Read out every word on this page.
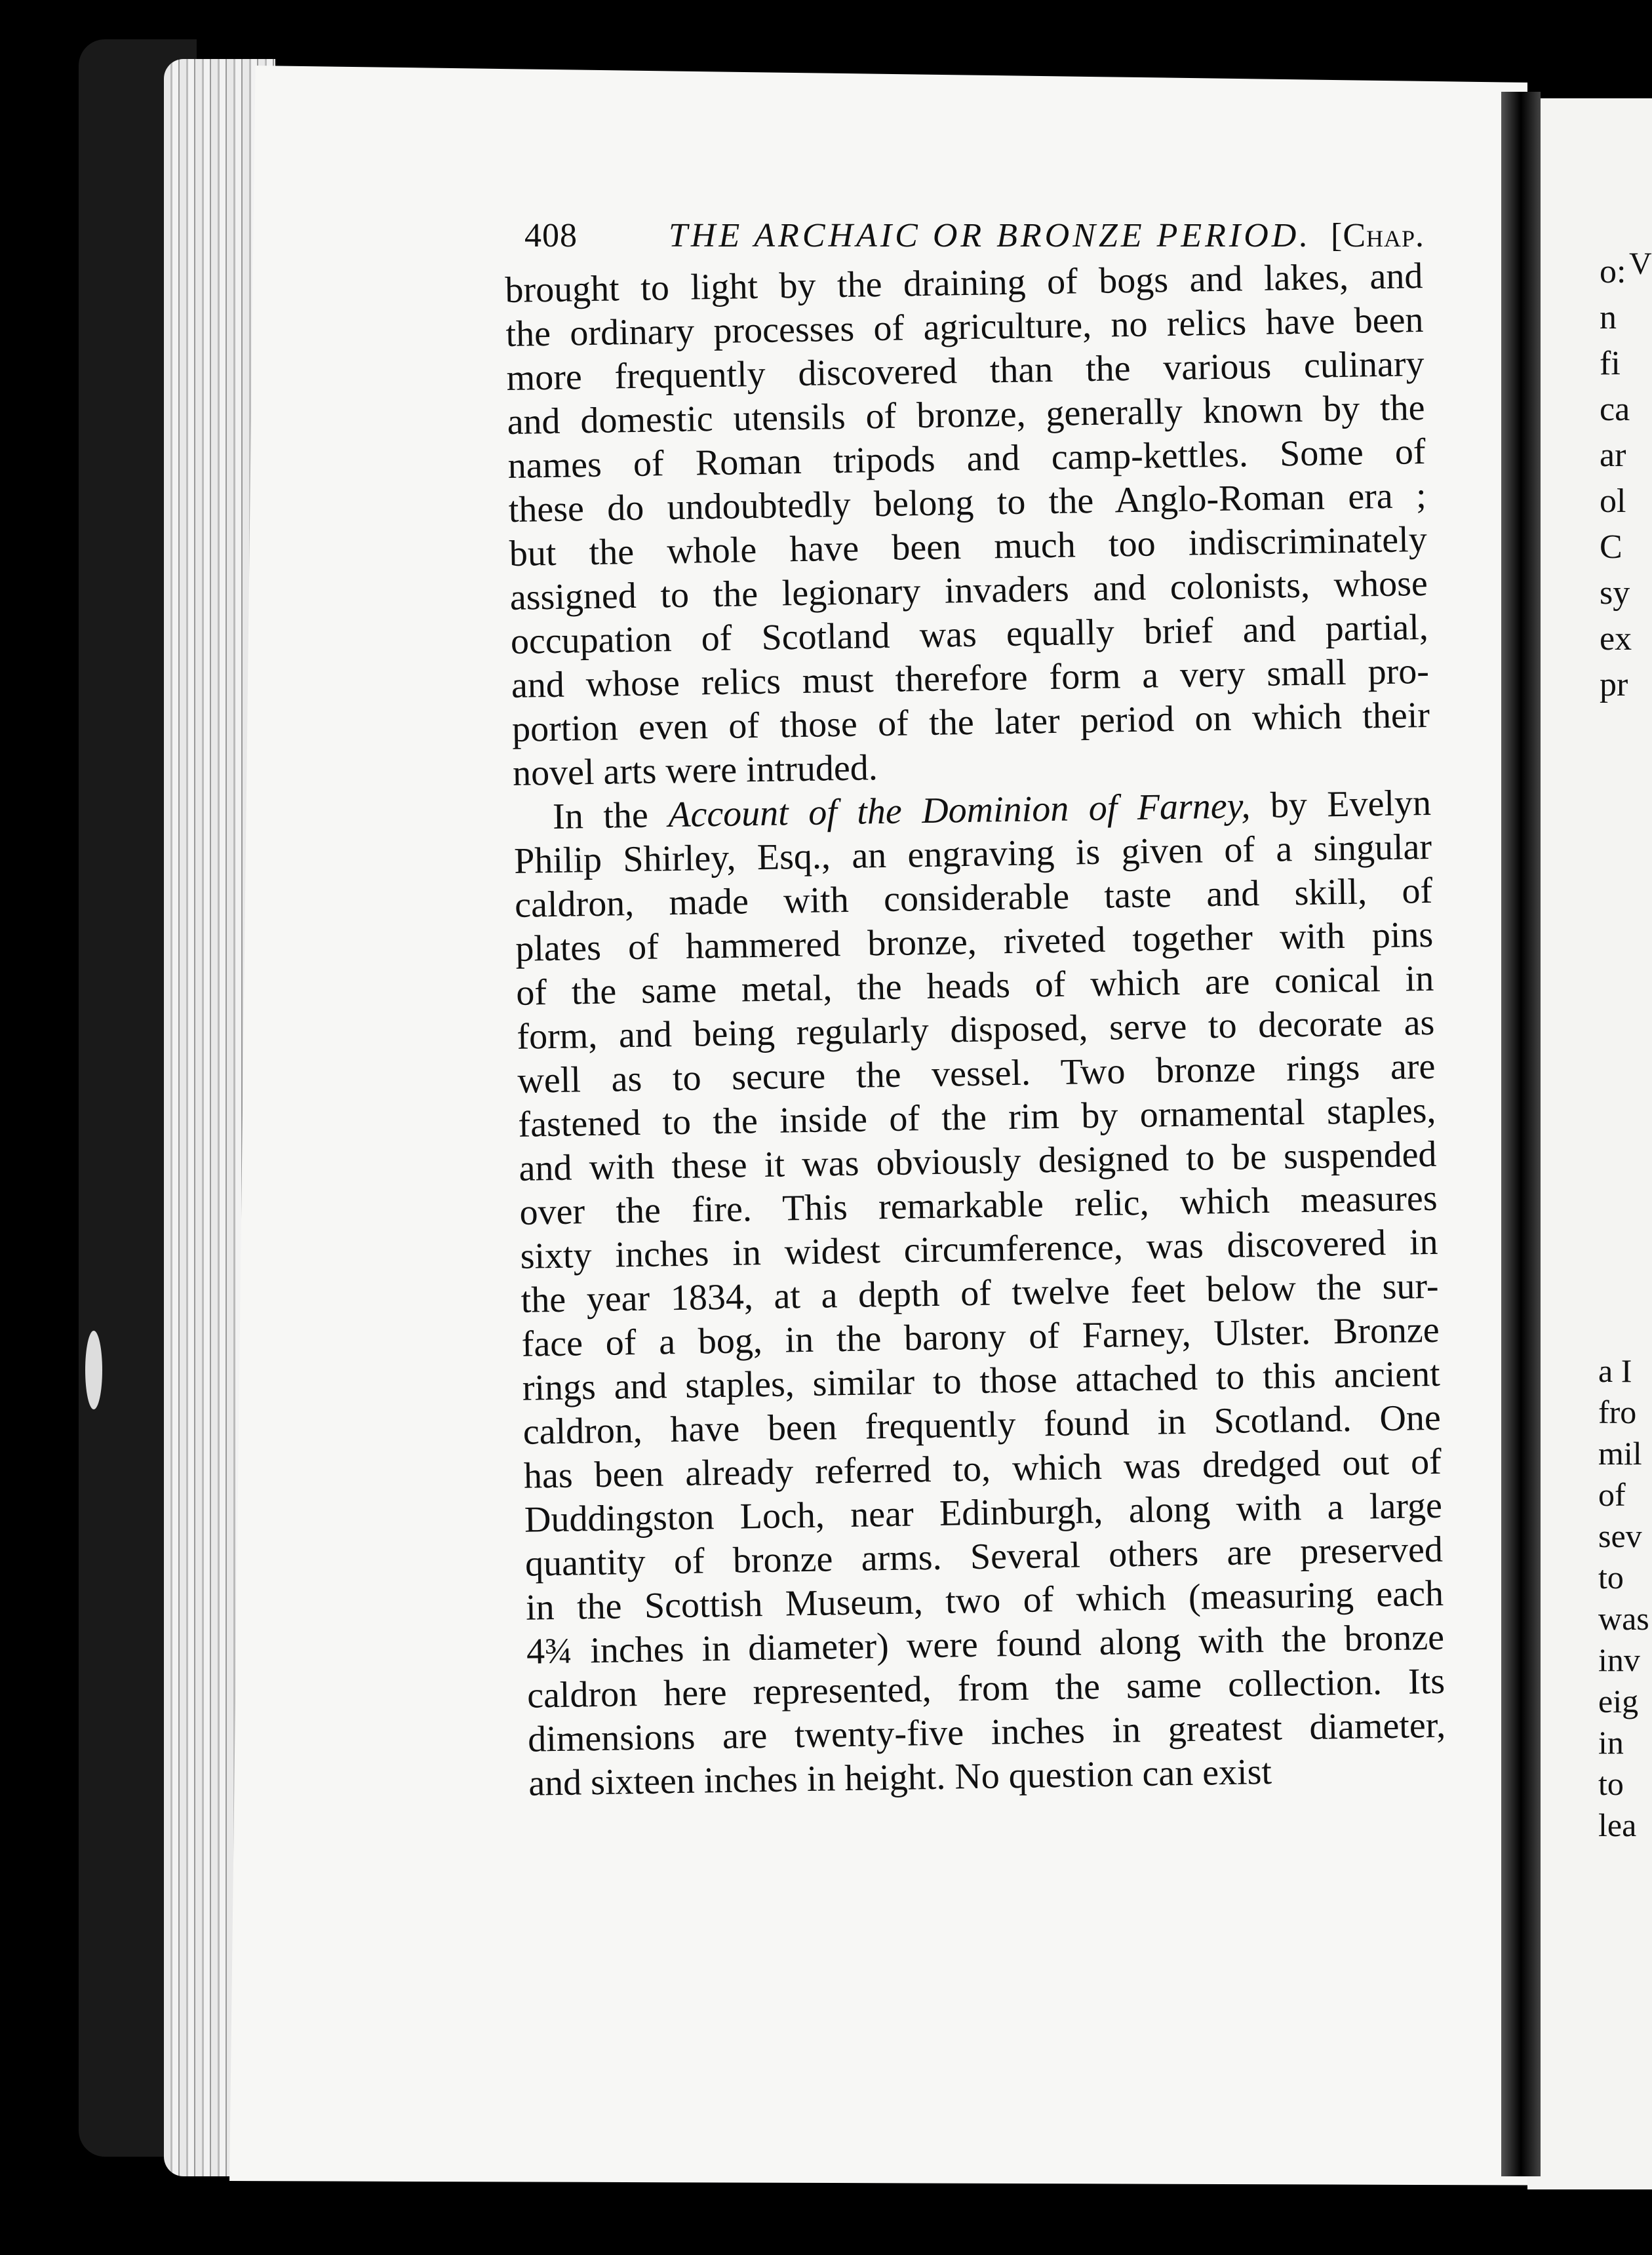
408	THE ARCHAIC OR BRONZE PERIOD. [Chap.
brought to light by the draining of bogs and lakes, and
the ordinary processes of agriculture, no relics have been
more frequently discovered than the various culinary
and domestic utensils of bronze, generally known by the
names of Roman tripods and camp-kettles. Some of
these do undoubtedly belong to the Anglo-Roman era ;
but the whole have been much too indiscriminately
assigned to the legionary invaders and colonists, whose
occupation of Scotland was equally brief and partial,
and whose relics must therefore form a very small pro-
portion even of those of the later period on which their
novel arts were intruded.
In the Account of the Dominion of Farney, by Evelyn
Philip Shirley, Esq., an engraving is given of a singular
caldron, made with considerable taste and skill, of
plates of hammered bronze, riveted together with pins
of the same metal, the heads of which are conical in
form, and being regularly disposed, serve to decorate as
well as to secure the vessel. Two bronze rings are
fastened to the inside of the rim by ornamental staples,
and with these it was obviously designed to be suspended
over the fire. This remarkable relic, which measures
sixty inches in widest circumference, was discovered in
the year 1834, at a depth of twelve feet below the sur-
face of a bog, in the barony of Farney, Ulster. Bronze
rings and staples, similar to those attached to this ancient
caldron, have been frequently found in Scotland. One
has been already referred to, which was dredged out of
Duddingston Loch, near Edinburgh, along with a large
quantity of bronze arms. Several others are preserved
in the Scottish Museum, two of which (measuring each
4¾ inches in diameter) were found along with the bronze
caldron here represented, from the same collection. Its
dimensions are twenty-five inches in greatest diameter,
and sixteen inches in height. No question can exist
V
o:
n
fi
ca
ar
ol
C
sy
ex
pr
a I
fro
mil
of
sev
to
was
inv
eig
in
to
lea
